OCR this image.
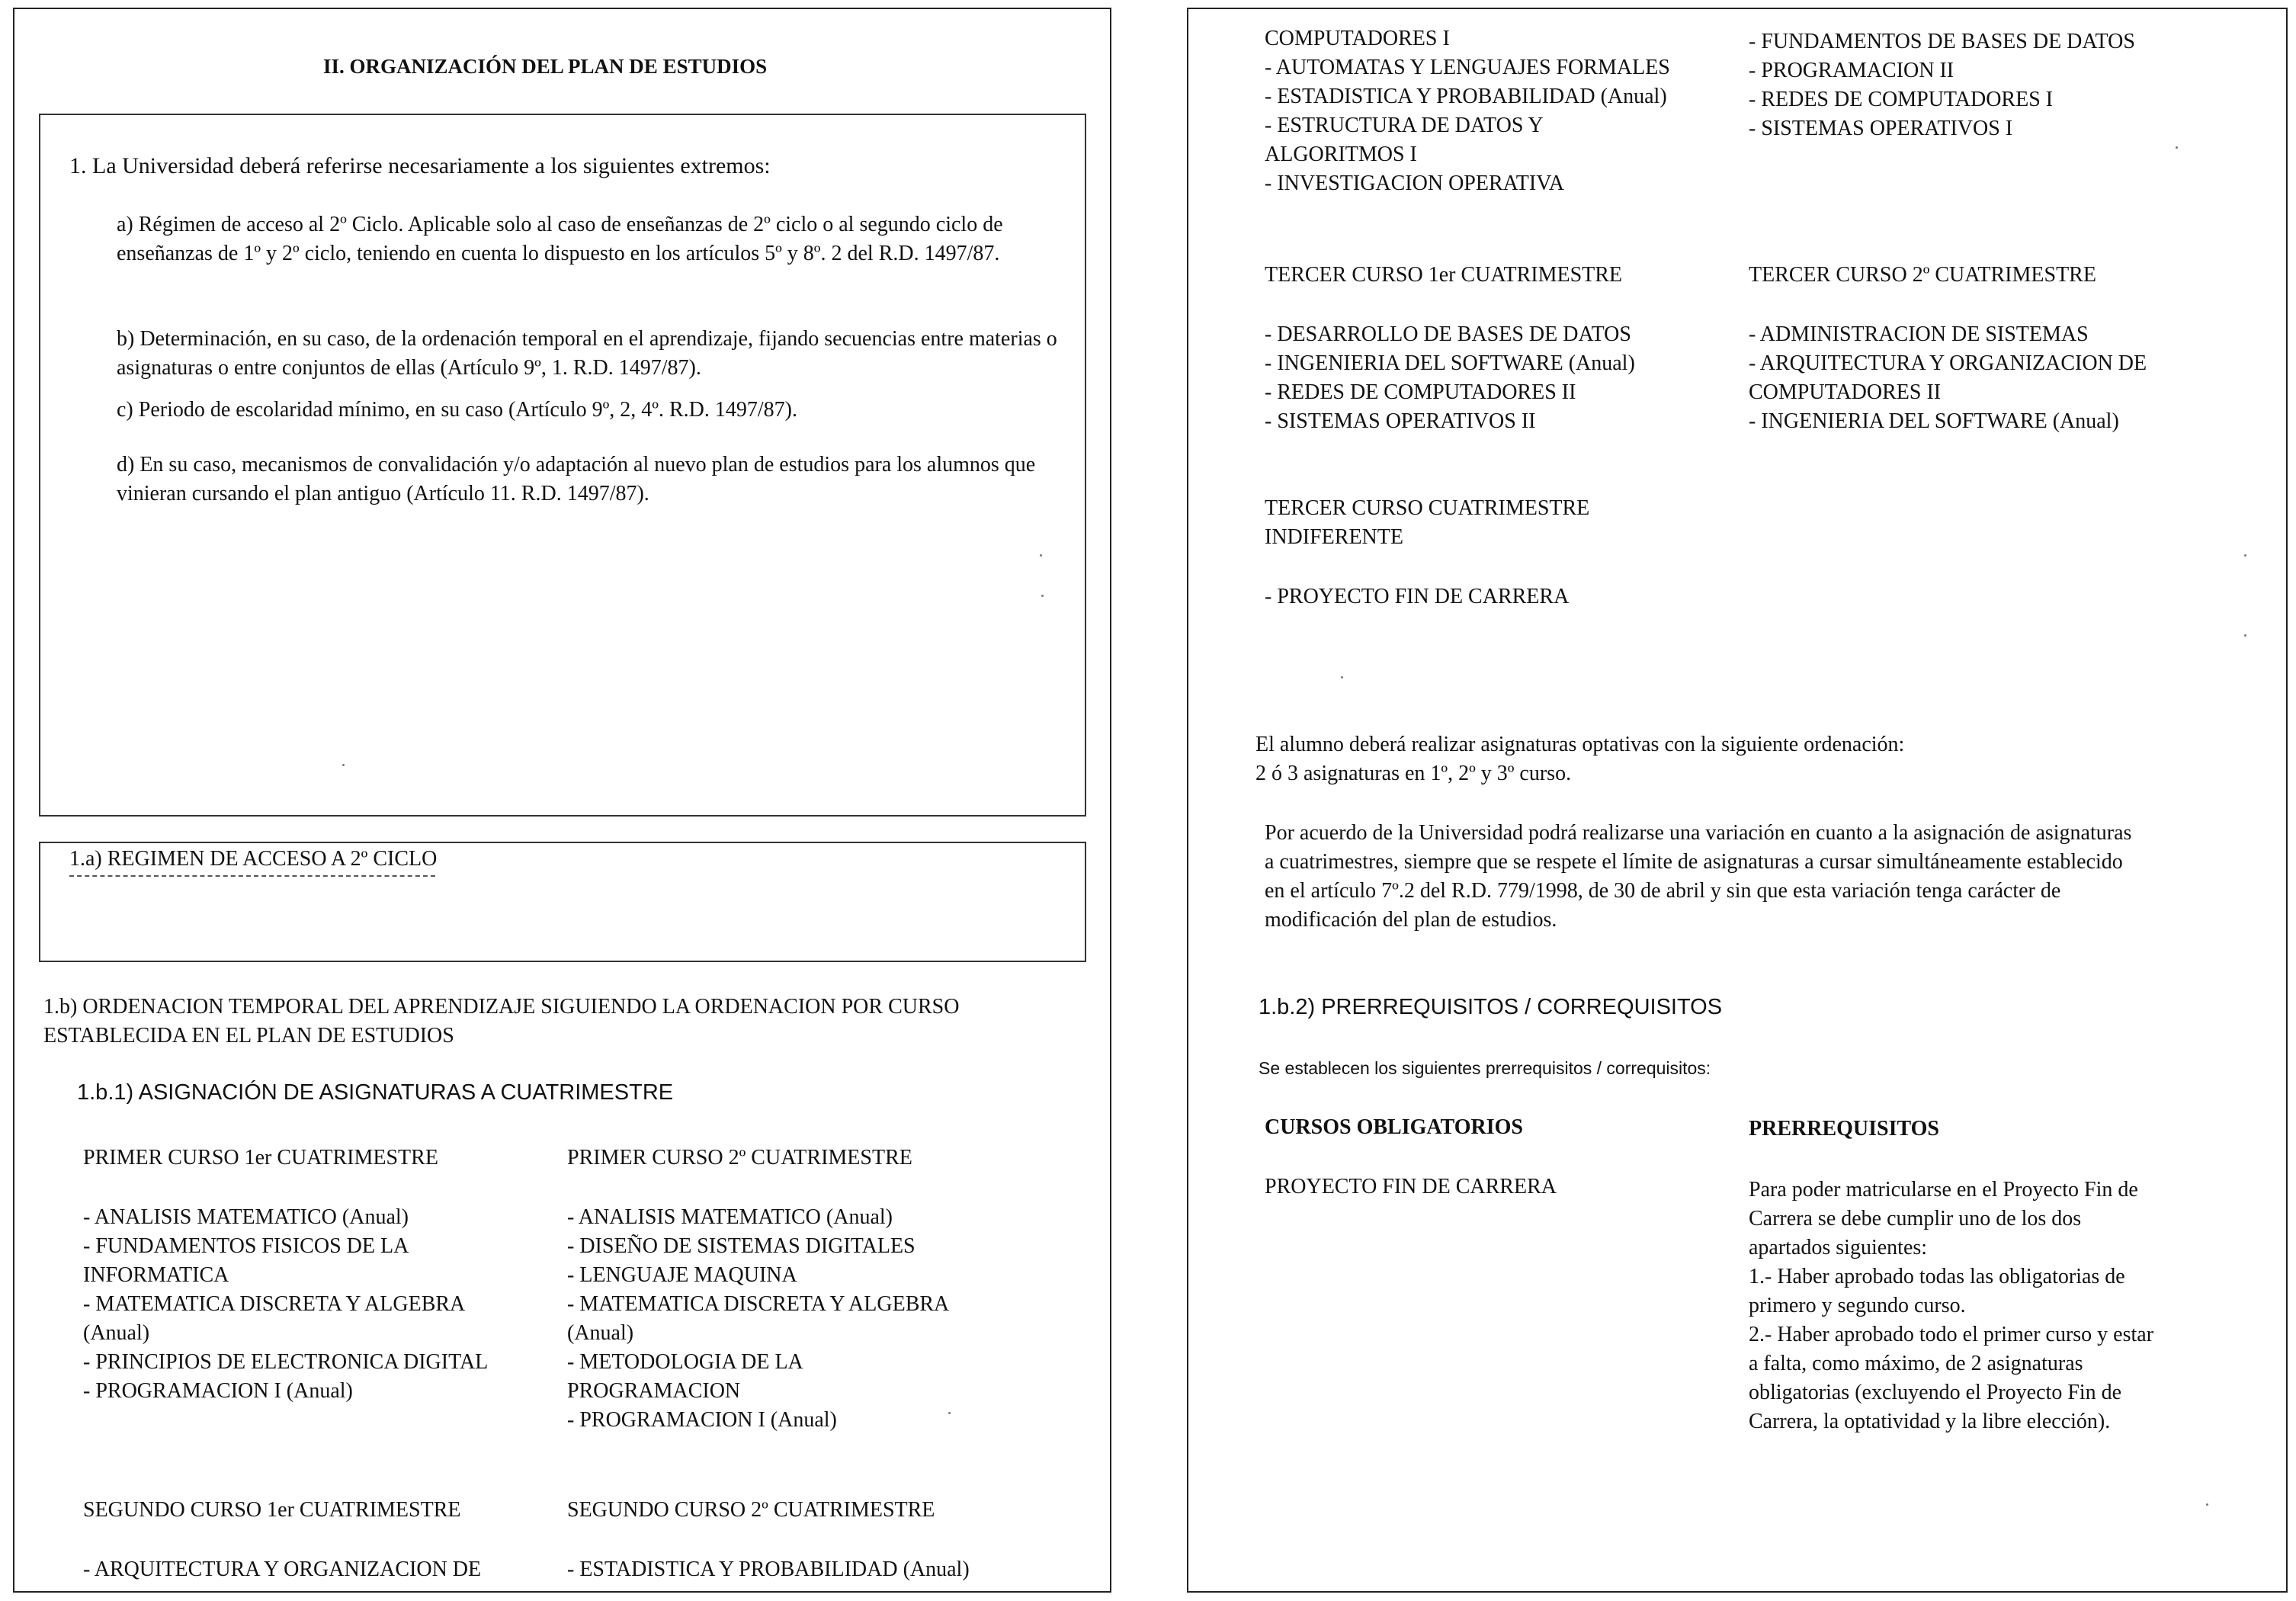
II. ORGANIZACIÓN DEL PLAN DE ESTUDIOS
1. La Universidad deberá referirse necesariamente a los siguientes extremos:
a) Régimen de acceso al 2º Ciclo. Aplicable solo al caso de enseñanzas de 2º ciclo o al segundo ciclo de enseñanzas de 1º y 2º ciclo, teniendo en cuenta lo dispuesto en los artículos 5º y 8º. 2 del R.D. 1497/87.
b) Determinación, en su caso, de la ordenación temporal en el aprendizaje, fijando secuencias entre materias o asignaturas o entre conjuntos de ellas (Artículo 9º, 1. R.D. 1497/87).
c) Periodo de escolaridad mínimo, en su caso (Artículo 9º, 2, 4º. R.D. 1497/87).
d) En su caso, mecanismos de convalidación y/o adaptación al nuevo plan de estudios para los alumnos que vinieran cursando el plan antiguo (Artículo 11. R.D. 1497/87).
1.a) REGIMEN DE ACCESO A 2º CICLO
1.b) ORDENACION TEMPORAL DEL APRENDIZAJE SIGUIENDO LA ORDENACION POR CURSO
ESTABLECIDA EN EL PLAN DE ESTUDIOS
1.b.1) ASIGNACIÓN DE ASIGNATURAS A CUATRIMESTRE
PRIMER CURSO 1er CUATRIMESTRE
- ANALISIS MATEMATICO (Anual)
- FUNDAMENTOS FISICOS DE LA
INFORMATICA
- MATEMATICA DISCRETA Y ALGEBRA
(Anual)
- PRINCIPIOS DE ELECTRONICA DIGITAL
- PROGRAMACION I (Anual)
PRIMER CURSO 2º CUATRIMESTRE
- ANALISIS MATEMATICO (Anual)
- DISEÑO DE SISTEMAS DIGITALES
- LENGUAJE MAQUINA
- MATEMATICA DISCRETA Y ALGEBRA
(Anual)
- METODOLOGIA DE LA
PROGRAMACION
- PROGRAMACION I (Anual)
SEGUNDO CURSO 1er CUATRIMESTRE
- ARQUITECTURA Y ORGANIZACION DE
SEGUNDO CURSO 2º CUATRIMESTRE
- ESTADISTICA Y PROBABILIDAD (Anual)
COMPUTADORES I
- AUTOMATAS Y LENGUAJES FORMALES
- ESTADISTICA Y PROBABILIDAD (Anual)
- ESTRUCTURA DE DATOS Y
ALGORITMOS I
- INVESTIGACION OPERATIVA
- FUNDAMENTOS DE BASES DE DATOS
- PROGRAMACION II
- REDES DE COMPUTADORES I
- SISTEMAS OPERATIVOS I
TERCER CURSO 1er CUATRIMESTRE
- DESARROLLO DE BASES DE DATOS
- INGENIERIA DEL SOFTWARE (Anual)
- REDES DE COMPUTADORES II
- SISTEMAS OPERATIVOS II
TERCER CURSO 2º CUATRIMESTRE
- ADMINISTRACION DE SISTEMAS
- ARQUITECTURA Y ORGANIZACION DE
COMPUTADORES II
- INGENIERIA DEL SOFTWARE (Anual)
TERCER CURSO CUATRIMESTRE
INDIFERENTE
- PROYECTO FIN DE CARRERA
El alumno deberá realizar asignaturas optativas con la siguiente ordenación:
2 ó 3 asignaturas en 1º, 2º y 3º curso.
Por acuerdo de la Universidad podrá realizarse una variación en cuanto a la asignación de asignaturas
a cuatrimestres, siempre que se respete el límite de asignaturas a cursar simultáneamente establecido
en el artículo 7º.2 del R.D. 779/1998, de 30 de abril y sin que esta variación tenga carácter de
modificación del plan de estudios.
1.b.2) PRERREQUISITOS / CORREQUISITOS
Se establecen los siguientes prerrequisitos / correquisitos:
CURSOS OBLIGATORIOS	PRERREQUISITOS
PROYECTO FIN DE CARRERA	Para poder matricularse en el Proyecto Fin de
Carrera se debe cumplir uno de los dos
apartados siguientes:
1.- Haber aprobado todas las obligatorias de
primero y segundo curso.
2.- Haber aprobado todo el primer curso y estar
a falta, como máximo, de 2 asignaturas
obligatorias (excluyendo el Proyecto Fin de
Carrera, la optatividad y la libre elección).
